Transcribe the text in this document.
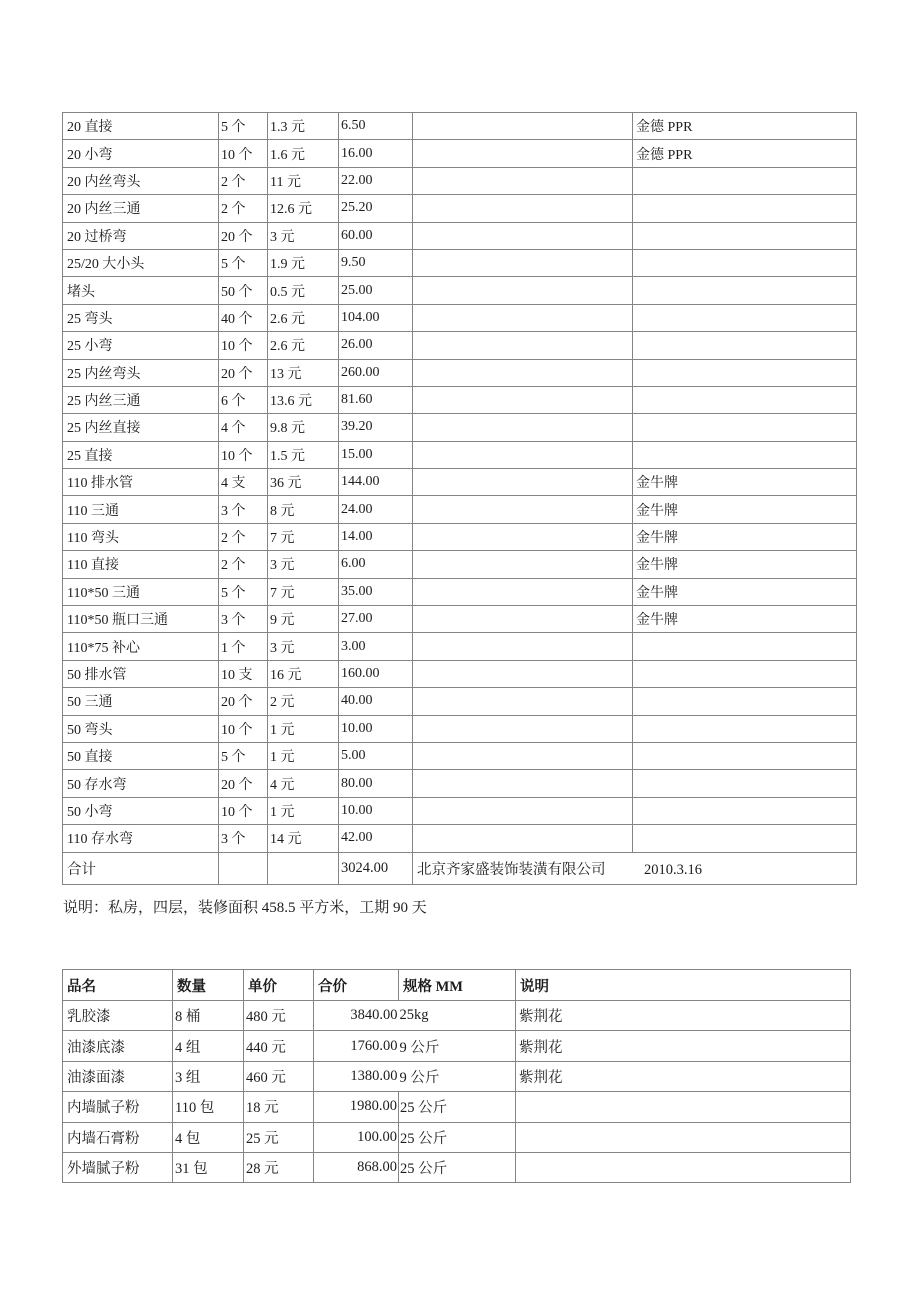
20 直接	5 个	1.3 元	6.50		金德 PPR
20 小弯	10 个	1.6 元	16.00		金德 PPR
20 内丝弯头	2 个	11 元	22.00		
20 内丝三通	2 个	12.6 元	25.20		
20 过桥弯	20 个	3 元	60.00		
25/20 大小头	5 个	1.9 元	9.50		
堵头	50 个	0.5 元	25.00		
25 弯头	40 个	2.6 元	104.00		
25 小弯	10 个	2.6 元	26.00		
25 内丝弯头	20 个	13 元	260.00		
25 内丝三通	6 个	13.6 元	81.60		
25 内丝直接	4 个	9.8 元	39.20		
25 直接	10 个	1.5 元	15.00		
110 排水管	4 支	36 元	144.00		金牛牌
110 三通	3 个	8 元	24.00		金牛牌
110 弯头	2 个	7 元	14.00		金牛牌
110 直接	2 个	3 元	6.00		金牛牌
110*50 三通	5 个	7 元	35.00		金牛牌
110*50 瓶口三通	3 个	9 元	27.00		金牛牌
110*75 补心	1 个	3 元	3.00		
50 排水管	10 支	16 元	160.00		
50 三通	20 个	2 元	40.00		
50 弯头	10 个	1 元	10.00		
50 直接	5 个	1 元	5.00		
50 存水弯	20 个	4 元	80.00		
50 小弯	10 个	1 元	10.00		
110 存水弯	3 个	14 元	42.00		
合计			3024.00	北京齐家盛装饰装潢有限公司 2010.3.16	
说明：私房，四层，装修面积 458.5 平方米，工期 90 天
品名	数量	单价	合价	规格 MM	说明
乳胶漆	8 桶	480 元	3840.00	25kg	紫荆花
油漆底漆	4 组	440 元	1760.00	9 公斤	紫荆花
油漆面漆	3 组	460 元	1380.00	9 公斤	紫荆花
内墙腻子粉	110 包	18 元	1980.00	25 公斤	
内墙石膏粉	4 包	25 元	100.00	25 公斤	
外墙腻子粉	31 包	28 元	868.00	25 公斤	
